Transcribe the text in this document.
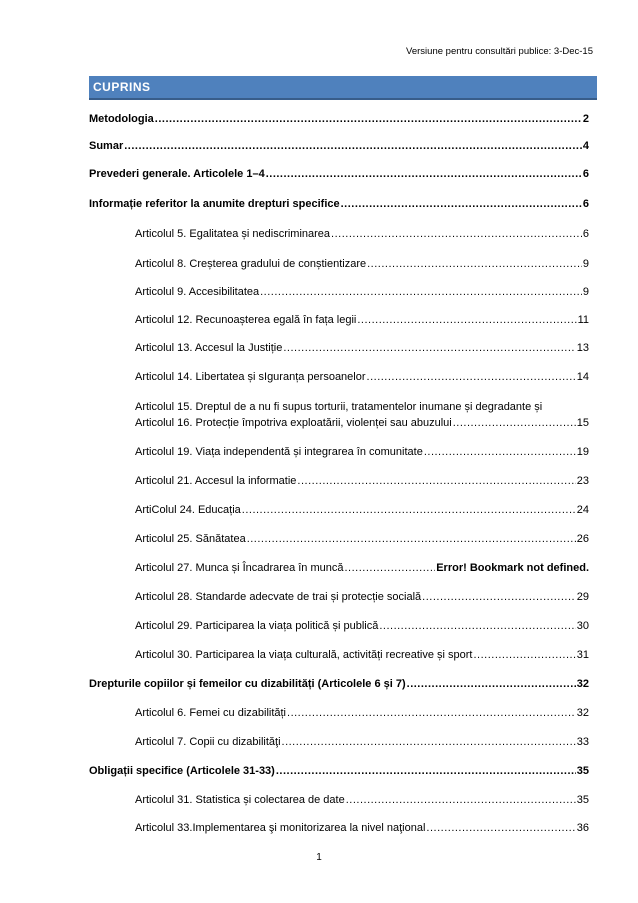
Versiune pentru consultări publice: 3-Dec-15
CUPRINS
Metodologia .....	2
Sumar .....	4
Prevederi generale. Articolele 1–4 .....	6
Informație referitor la anumite drepturi specifice .....	6
Articolul 5. Egalitatea și nediscriminarea .....	6
Articolul 8. Creșterea gradului de conștientizare .....	9
Articolul 9. Accesibilitatea .....	9
Articolul 12. Recunoașterea egală în fața legii .....	11
Articolul 13. Accesul la Justiție .....	13
Articolul 14. Libertatea și sIguranța persoanelor .....	14
Articolul 15. Dreptul de a nu fi supus torturii, tratamentelor inumane și degradante și
Articolul 16. Protecție împotriva exploatării, violenței sau abuzului .....	15
Articolul 19. Viața independentă și integrarea în comunitate .....	19
Articolul 21. Accesul la informatie .....	23
ArtiColul 24. Educația .....	24
Articolul 25. Sănătatea .....	26
Articolul 27. Munca și Încadrarea în muncă .....	Error! Bookmark not defined.
Articolul 28. Standarde adecvate de trai și protecție socială .....	29
Articolul 29. Participarea la viața politică și publică .....	30
Articolul 30. Participarea la viața culturală, activități recreative și sport .....	31
Drepturile copiilor și femeilor cu dizabilități (Articolele 6 și 7) .....	32
Articolul 6. Femei cu dizabilități .....	32
Articolul 7. Copii cu dizabilităţi .....	33
Obligații specifice (Articolele 31-33) .....	35
Articolul 31. Statistica și colectarea de date .....	35
Articolul 33.Implementarea şi monitorizarea la nivel naţional .....	36
1
